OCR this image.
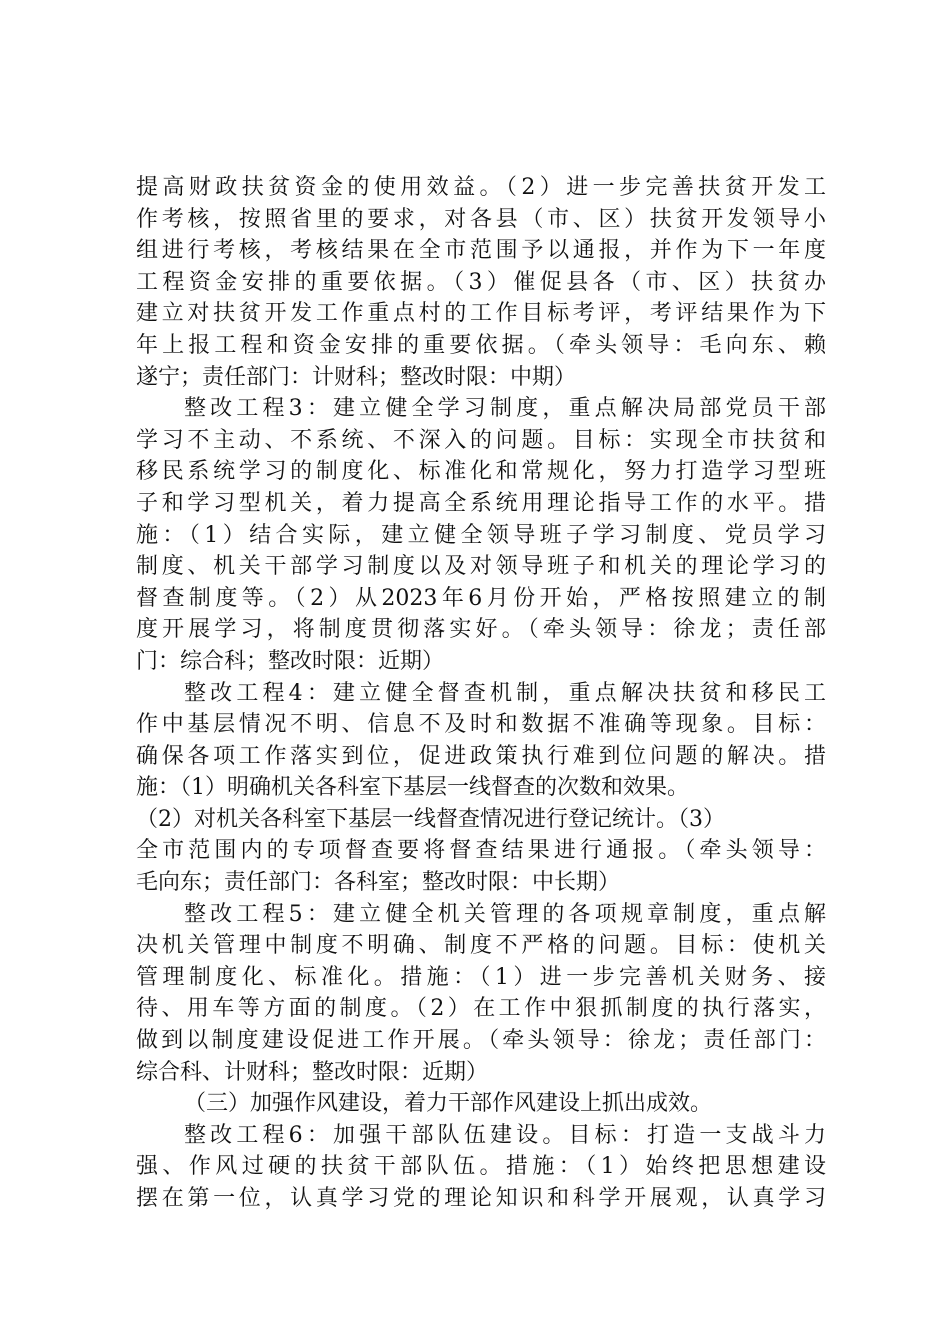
提高财政扶贫资金的使用效益。（2）进一步完善扶贫开发工
作考核，按照省里的要求，对各县（市、区）扶贫开发领导小
组进行考核，考核结果在全市范围予以通报，并作为下一年度
工程资金安排的重要依据。（3）催促县各（市、区）扶贫办
建立对扶贫开发工作重点村的工作目标考评，考评结果作为下
年上报工程和资金安排的重要依据。（牵头领导：毛向东、赖
遂宁；责任部门：计财科；整改时限：中期）
整改工程3：建立健全学习制度，重点解决局部党员干部
学习不主动、不系统、不深入的问题。目标：实现全市扶贫和
移民系统学习的制度化、标准化和常规化，努力打造学习型班
子和学习型机关，着力提高全系统用理论指导工作的水平。措
施：（1）结合实际，建立健全领导班子学习制度、党员学习
制度、机关干部学习制度以及对领导班子和机关的理论学习的
督查制度等。（2）从2023年6月份开始，严格按照建立的制
度开展学习，将制度贯彻落实好。（牵头领导：徐龙；责任部
门：综合科；整改时限：近期）
整改工程4：建立健全督查机制，重点解决扶贫和移民工
作中基层情况不明、信息不及时和数据不准确等现象。目标：
确保各项工作落实到位，促进政策执行难到位问题的解决。措
施：（1）明确机关各科室下基层一线督查的次数和效果。
（2）对机关各科室下基层一线督查情况进行登记统计。（3）
全市范围内的专项督查要将督查结果进行通报。（牵头领导：
毛向东；责任部门：各科室；整改时限：中长期）
整改工程5：建立健全机关管理的各项规章制度，重点解
决机关管理中制度不明确、制度不严格的问题。目标：使机关
管理制度化、标准化。措施：（1）进一步完善机关财务、接
待、用车等方面的制度。（2）在工作中狠抓制度的执行落实，
做到以制度建设促进工作开展。（牵头领导：徐龙；责任部门：
综合科、计财科；整改时限：近期）
（三）加强作风建设，着力干部作风建设上抓出成效。
整改工程6：加强干部队伍建设。目标：打造一支战斗力
强、作风过硬的扶贫干部队伍。措施：（1）始终把思想建设
摆在第一位，认真学习党的理论知识和科学开展观，认真学习
